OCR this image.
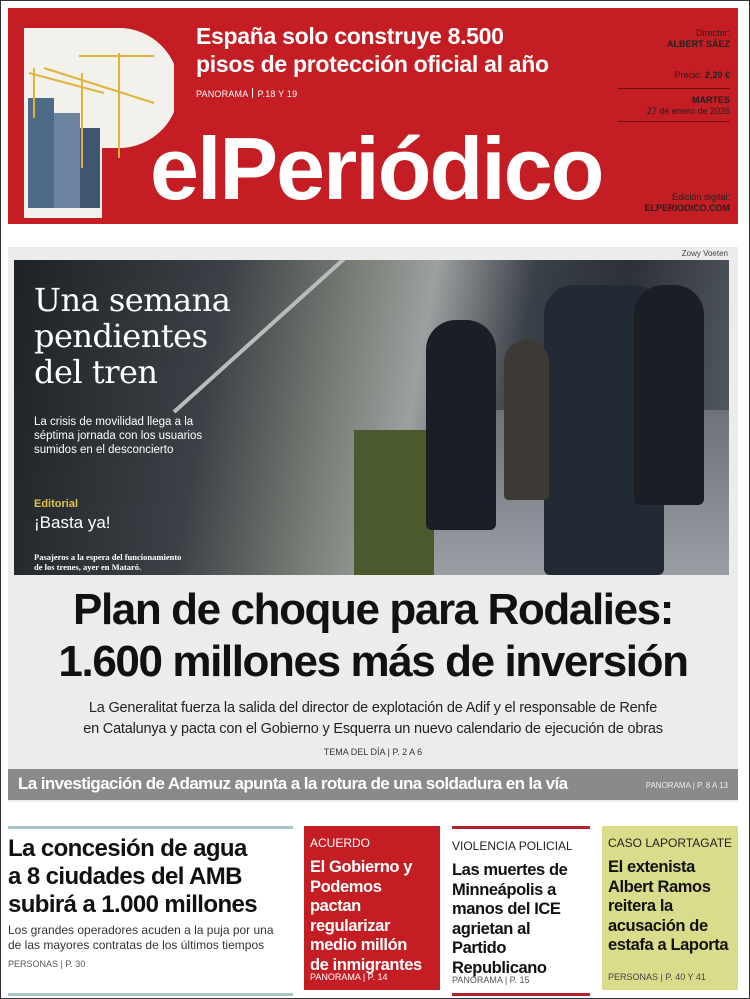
España solo construye 8.500
pisos de protección oficial al año
PANORAMA P.18 Y 19
elPeriódico
Director:
ALBERT SÁEZ
Precio: 2,20 €
MARTES
27 de enero de 2026
Edición digital:
ELPERIODICO.COM
Zowy Voeten
Una semana
pendientes
del tren
La crisis de movilidad llega a la
séptima jornada con los usuarios
sumidos en el desconcierto
Editorial
¡Basta ya!
Pasajeros a la espera del funcionamiento
de los trenes, ayer en Mataró.
Plan de choque para Rodalies:
1.600 millones más de inversión
La Generalitat fuerza la salida del director de explotación de Adif y el responsable de Renfe
en Catalunya y pacta con el Gobierno y Esquerra un nuevo calendario de ejecución de obras
TEMA DEL DÍA | P. 2 A 6
La investigación de Adamuz apunta a la rotura de una soldadura en la vía	PANORAMA | P. 8 A 13
La concesión de agua
a 8 ciudades del AMB
subirá a 1.000 millones

Los grandes operadores acuden a la puja por una
de las mayores contratas de los últimos tiempos

PERSONAS | P. 30
ACUERDO
El Gobierno y
Podemos pactan
regularizar
medio millón
de inmigrantes
PANORAMA | P. 14
VIOLENCIA POLICIAL
Las muertes de
Minneápolis a
manos del ICE
agrietan al Partido
Republicano
PANORAMA | P. 15
CASO LAPORTAGATE
El extenista
Albert Ramos
reitera la
acusación de
estafa a Laporta
PERSONAS | P. 40 Y 41
